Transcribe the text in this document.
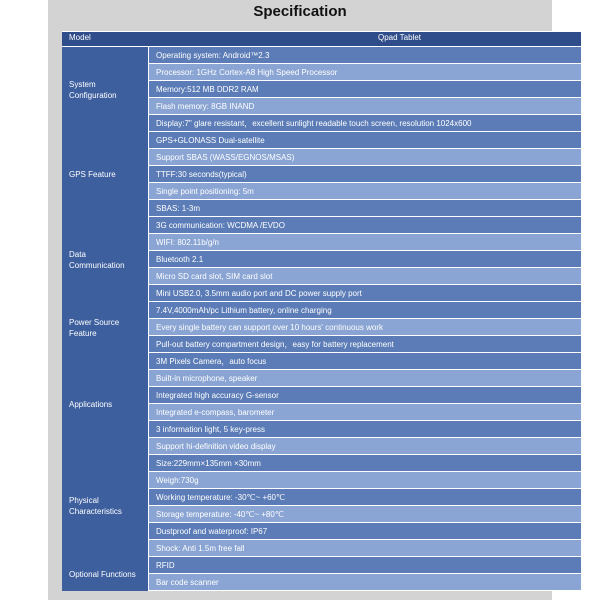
Specification
Model	Qpad Tablet
System
Configuration
Operating system: Android™2.3
Processor: 1GHz Cortex-A8 High Speed Processor
Memory:512 MB DDR2 RAM
Flash memory: 8GB INAND
Display:7" glare resistant，excellent sunlight readable touch screen, resolution 1024x600
GPS Feature
GPS+GLONASS Dual-satellite
Support SBAS (WASS/EGNOS/MSAS)
TTFF:30 seconds(typical)
Single point positioning: 5m
SBAS: 1-3m
Data
Communication
3G communication: WCDMA /EVDO
WIFI: 802.11b/g/n
Bluetooth 2.1
Micro SD card slot, SIM card slot
Mini USB2.0, 3.5mm audio port and DC power supply port
Power Source
Feature
7.4V,4000mAh/pc Lithium battery, online charging
Every single battery can support over 10 hours' continuous work
Pull-out battery compartment design，easy for battery replacement
Applications
3M Pixels Camera，auto focus
Built-in microphone, speaker
Integrated high accuracy G-sensor
Integrated e-compass, barometer
3 information light, 5 key-press
Support hi-definition video display
Physical
Characteristics
Size:229mm×135mm ×30mm
Weigh:730g
Working temperature: -30℃~ +60℃
Storage temperature: -40℃~ +80℃
Dustproof and waterproof: IP67
Shock: Anti 1.5m free fall
Optional Functions
RFID
Bar code scanner
